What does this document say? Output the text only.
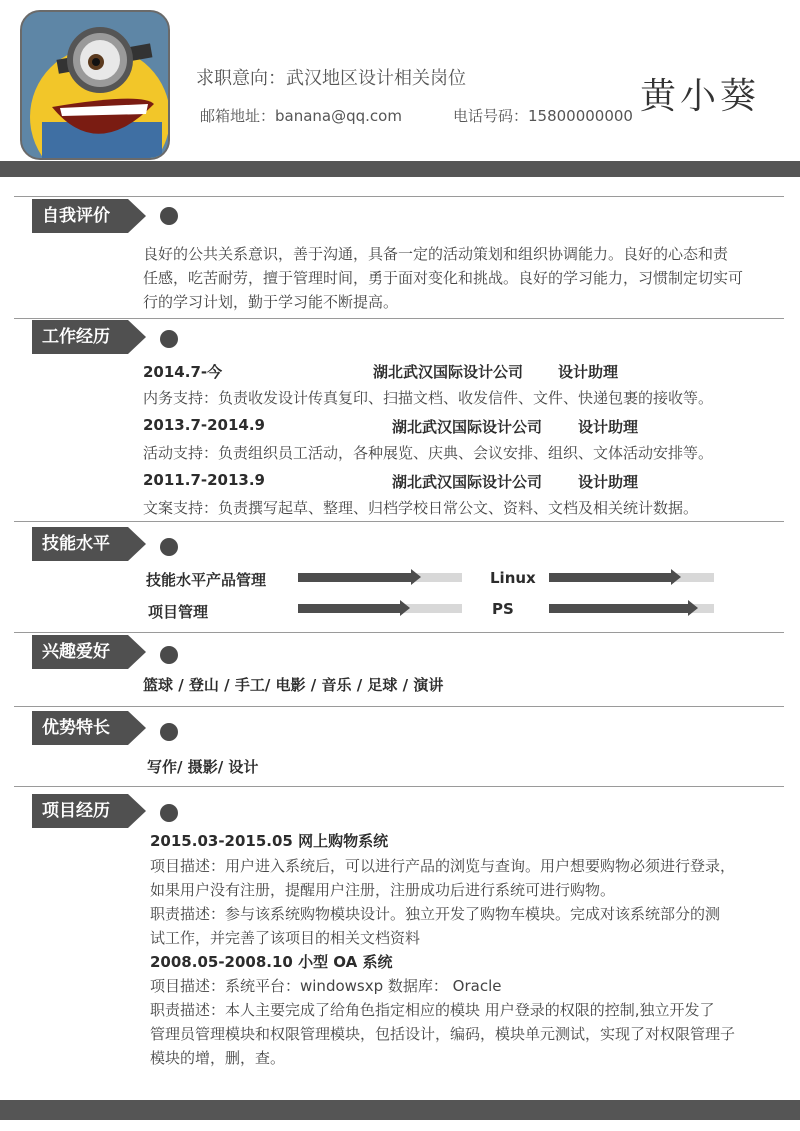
求职意向：武汉地区设计相关岗位
邮箱地址：banana@qq.com	电话号码：15800000000 黄小葵
自我评价
良好的公共关系意识，善于沟通，具备一定的活动策划和组织协调能力。良好的心态和责
任感，吃苦耐劳，擅于管理时间，勇于面对变化和挑战。良好的学习能力，习惯制定切实可
行的学习计划，勤于学习能不断提高。
工作经历
2014.7-今	湖北武汉国际设计公司 设计助理
内务支持：负责收发设计传真复印、扫描文档、收发信件、文件、快递包裹的接收等。
2013.7-2014.9	湖北武汉国际设计公司 设计助理
活动支持：负责组织员工活动，各种展览、庆典、会议安排、组织、文体活动安排等。
2011.7-2013.9	湖北武汉国际设计公司 设计助理
文案支持：负责撰写起草、整理、归档学校日常公文、资料、文档及相关统计数据。
技能水平
技能水平产品管理	Linux
项目管理	PS
兴趣爱好
篮球 / 登山 / 手工/ 电影 / 音乐 / 足球 / 演讲
优势特长
写作/ 摄影/ 设计
项目经历
2015.03-2015.05 网上购物系统
项目描述：用户进入系统后，可以进行产品的浏览与查询。用户想要购物必须进行登录，
如果用户没有注册，提醒用户注册，注册成功后进行系统可进行购物。
职责描述：参与该系统购物模块设计。独立开发了购物车模块。完成对该系统部分的测
试工作，并完善了该项目的相关文档资料
2008.05-2008.10 小型 OA 系统
项目描述：系统平台：windowsxp 数据库： Oracle
职责描述：本人主要完成了给角色指定相应的模块 用户登录的权限的控制,独立开发了
管理员管理模块和权限管理模块，包括设计，编码，模块单元测试，实现了对权限管理子
模块的增，删，查。
